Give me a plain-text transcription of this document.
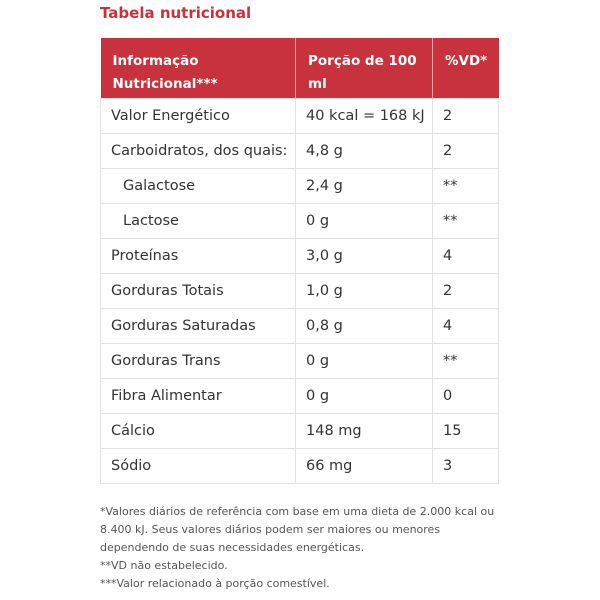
Tabela nutricional
Informação Nutricional***	Porção de 100 ml	%VD*
Valor Energético	40 kcal = 168 kJ	2
Carboidratos, dos quais:	4,8 g	2
Galactose	2,4 g	**
Lactose	0 g	**
Proteínas	3,0 g	4
Gorduras Totais	1,0 g	2
Gorduras Saturadas	0,8 g	4
Gorduras Trans	0 g	**
Fibra Alimentar	0 g	0
Cálcio	148 mg	15
Sódio	66 mg	3
*Valores diários de referência com base em uma dieta de 2.000 kcal ou 8.400 kJ. Seus valores diários podem ser maiores ou menores dependendo de suas necessidades energéticas.
**VD não estabelecido.
***Valor relacionado à porção comestível.
